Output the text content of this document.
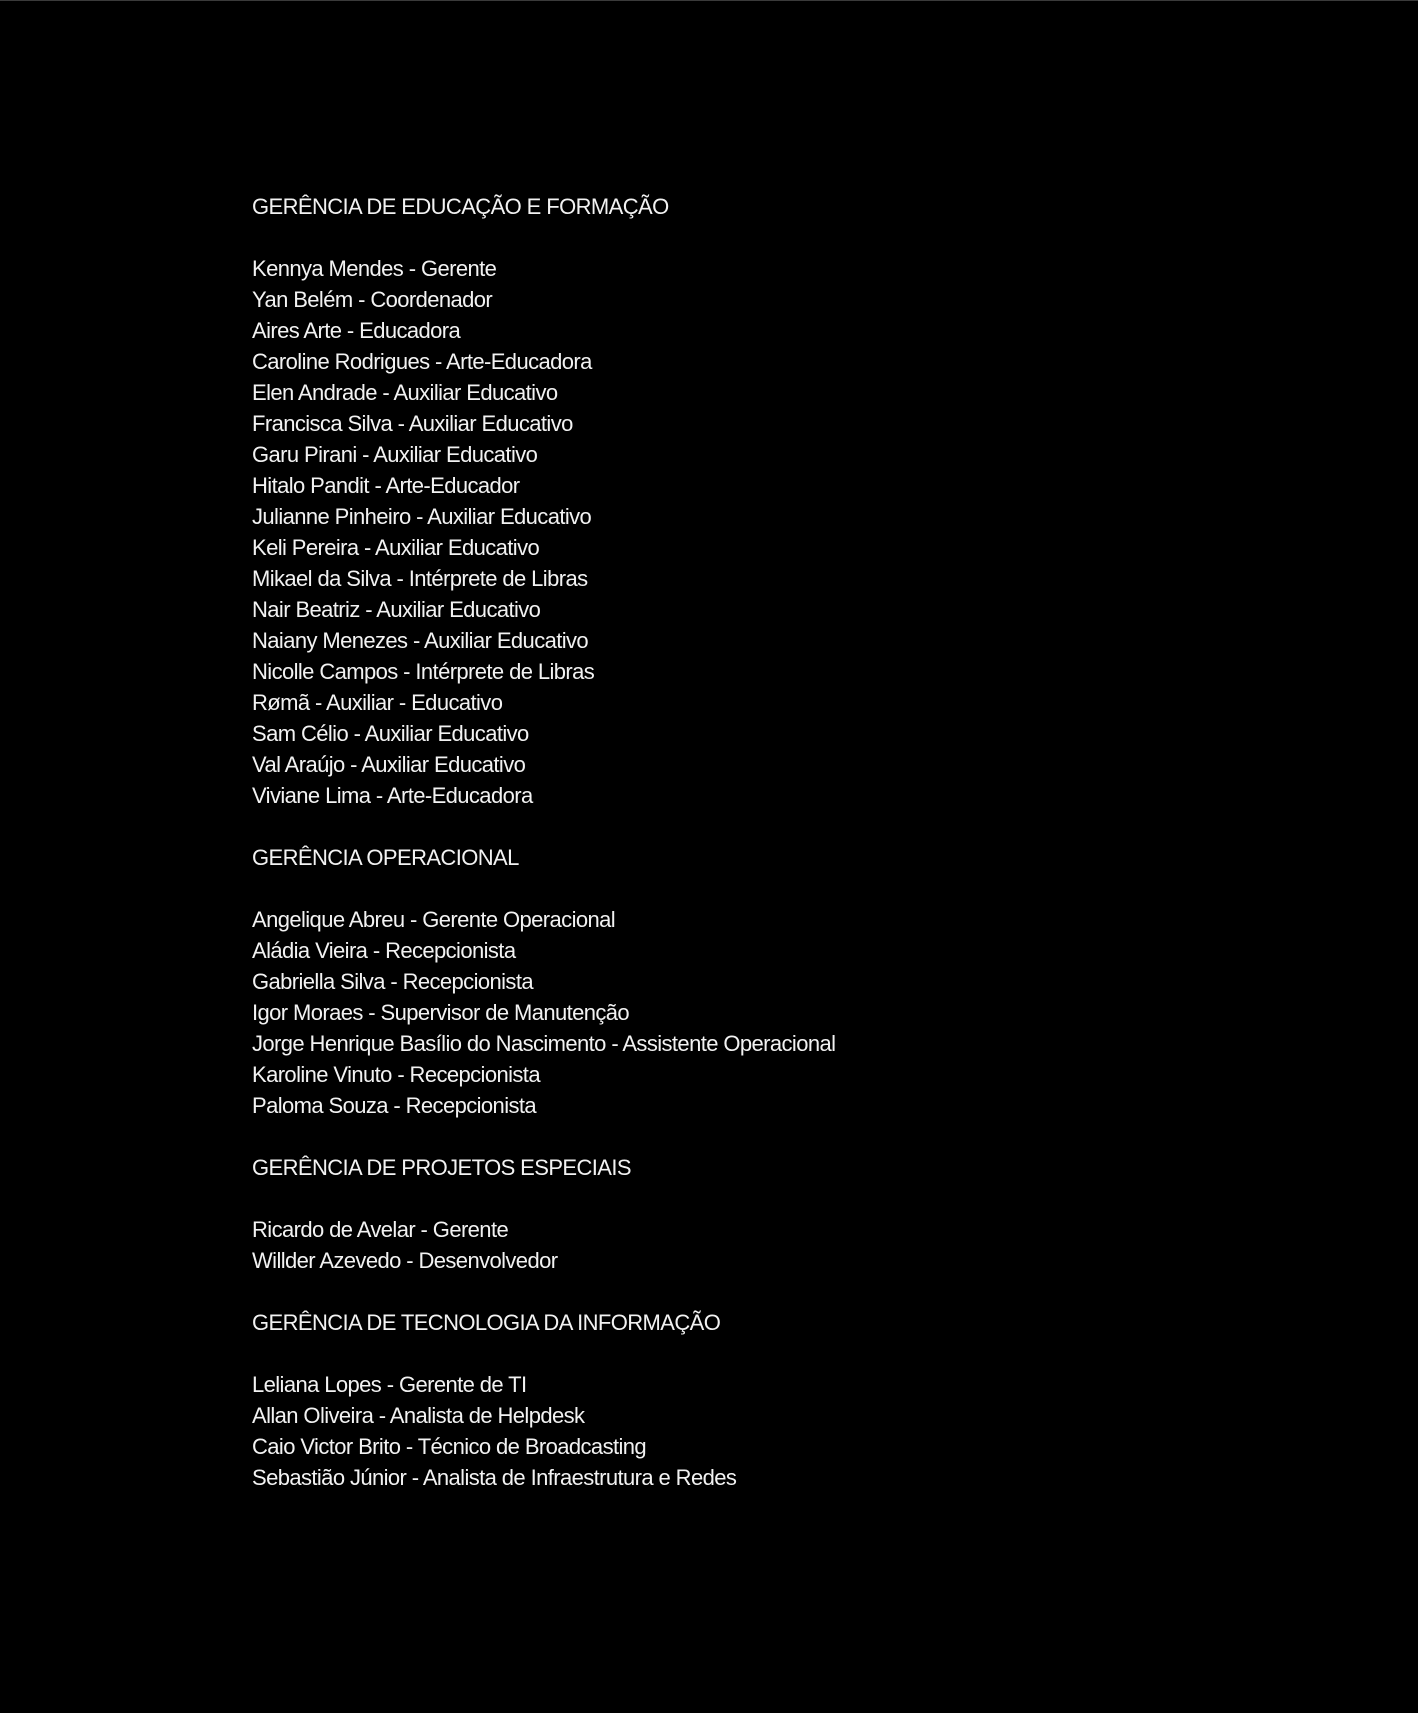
GERÊNCIA DE EDUCAÇÃO E FORMAÇÃO
Kennya Mendes - Gerente
Yan Belém - Coordenador
Aires Arte - Educadora
Caroline Rodrigues - Arte-Educadora
Elen Andrade - Auxiliar Educativo
Francisca Silva - Auxiliar Educativo
Garu Pirani - Auxiliar Educativo
Hitalo Pandit - Arte-Educador
Julianne Pinheiro - Auxiliar Educativo
Keli Pereira - Auxiliar Educativo
Mikael da Silva - Intérprete de Libras
Nair Beatriz - Auxiliar Educativo
Naiany Menezes - Auxiliar Educativo
Nicolle Campos - Intérprete de Libras
Rømã - Auxiliar - Educativo
Sam Célio - Auxiliar Educativo
Val Araújo - Auxiliar Educativo
Viviane Lima - Arte-Educadora
GERÊNCIA OPERACIONAL
Angelique Abreu - Gerente Operacional
Aládia Vieira - Recepcionista
Gabriella Silva - Recepcionista
Igor Moraes - Supervisor de Manutenção
Jorge Henrique Basílio do Nascimento - Assistente Operacional
Karoline Vinuto - Recepcionista
Paloma Souza - Recepcionista
GERÊNCIA DE PROJETOS ESPECIAIS
Ricardo de Avelar - Gerente
Willder Azevedo - Desenvolvedor
GERÊNCIA DE TECNOLOGIA DA INFORMAÇÃO
Leliana Lopes - Gerente de TI
Allan Oliveira - Analista de Helpdesk
Caio Victor Brito - Técnico de Broadcasting
Sebastião Júnior - Analista de Infraestrutura e Redes
